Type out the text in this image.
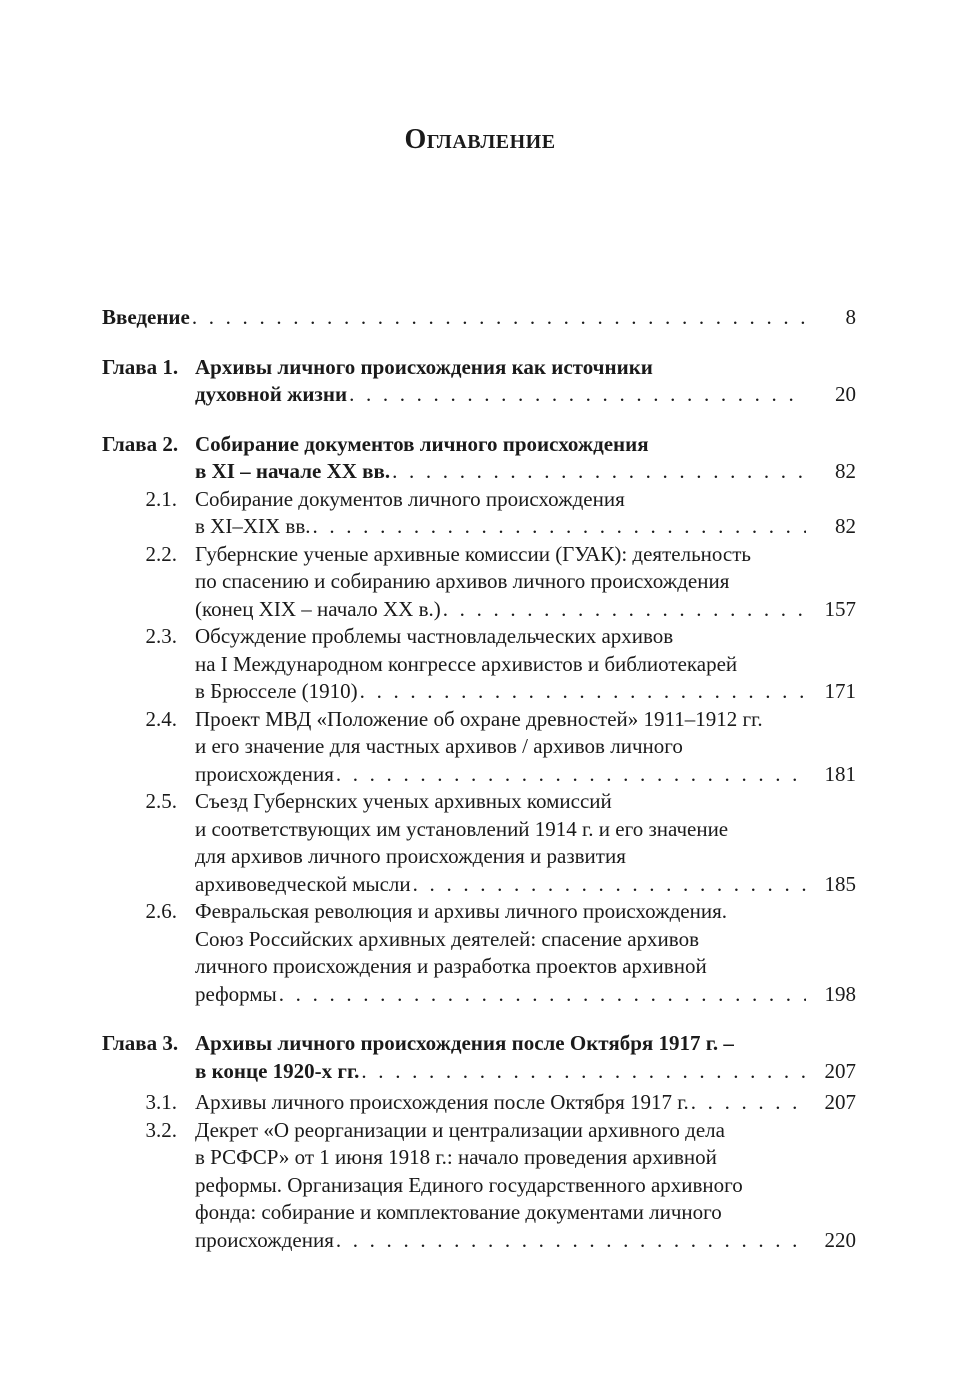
Оглавление
Введение . . .	8
Глава 1. Архивы личного происхождения как источники
духовной жизни . . .	20
Глава 2. Собирание документов личного происхождения
в XI – начале XX вв. . . .	82
2.1. Собирание документов личного происхождения
в XI–XIX вв. . . .	82
2.2. Губернские ученые архивные комиссии (ГУАК): деятельность
по спасению и собиранию архивов личного происхождения
(конец XIX – начало XX в.) . . .	157
2.3. Обсуждение проблемы частновладельческих архивов
на I Международном конгрессе архивистов и библиотекарей
в Брюсселе (1910) . . .	171
2.4. Проект МВД «Положение об охране древностей» 1911–1912 гг.
и его значение для частных архивов / архивов личного
происхождения . . .	181
2.5. Съезд Губернских ученых архивных комиссий
и соответствующих им установлений 1914 г. и его значение
для архивов личного происхождения и развития
архивоведческой мысли . . .	185
2.6. Февральская революция и архивы личного происхождения.
Союз Российских архивных деятелей: спасение архивов
личного происхождения и разработка проектов архивной
реформы . . .	198
Глава 3. Архивы личного происхождения после Октября 1917 г. –
в конце 1920-х гг. . . .	207
3.1. Архивы личного происхождения после Октября 1917 г. . . .	207
3.2. Декрет «О реорганизации и централизации архивного дела
в РСФСР» от 1 июня 1918 г.: начало проведения архивной
реформы. Организация Единого государственного архивного
фонда: собирание и комплектование документами личного
происхождения . . .	220
